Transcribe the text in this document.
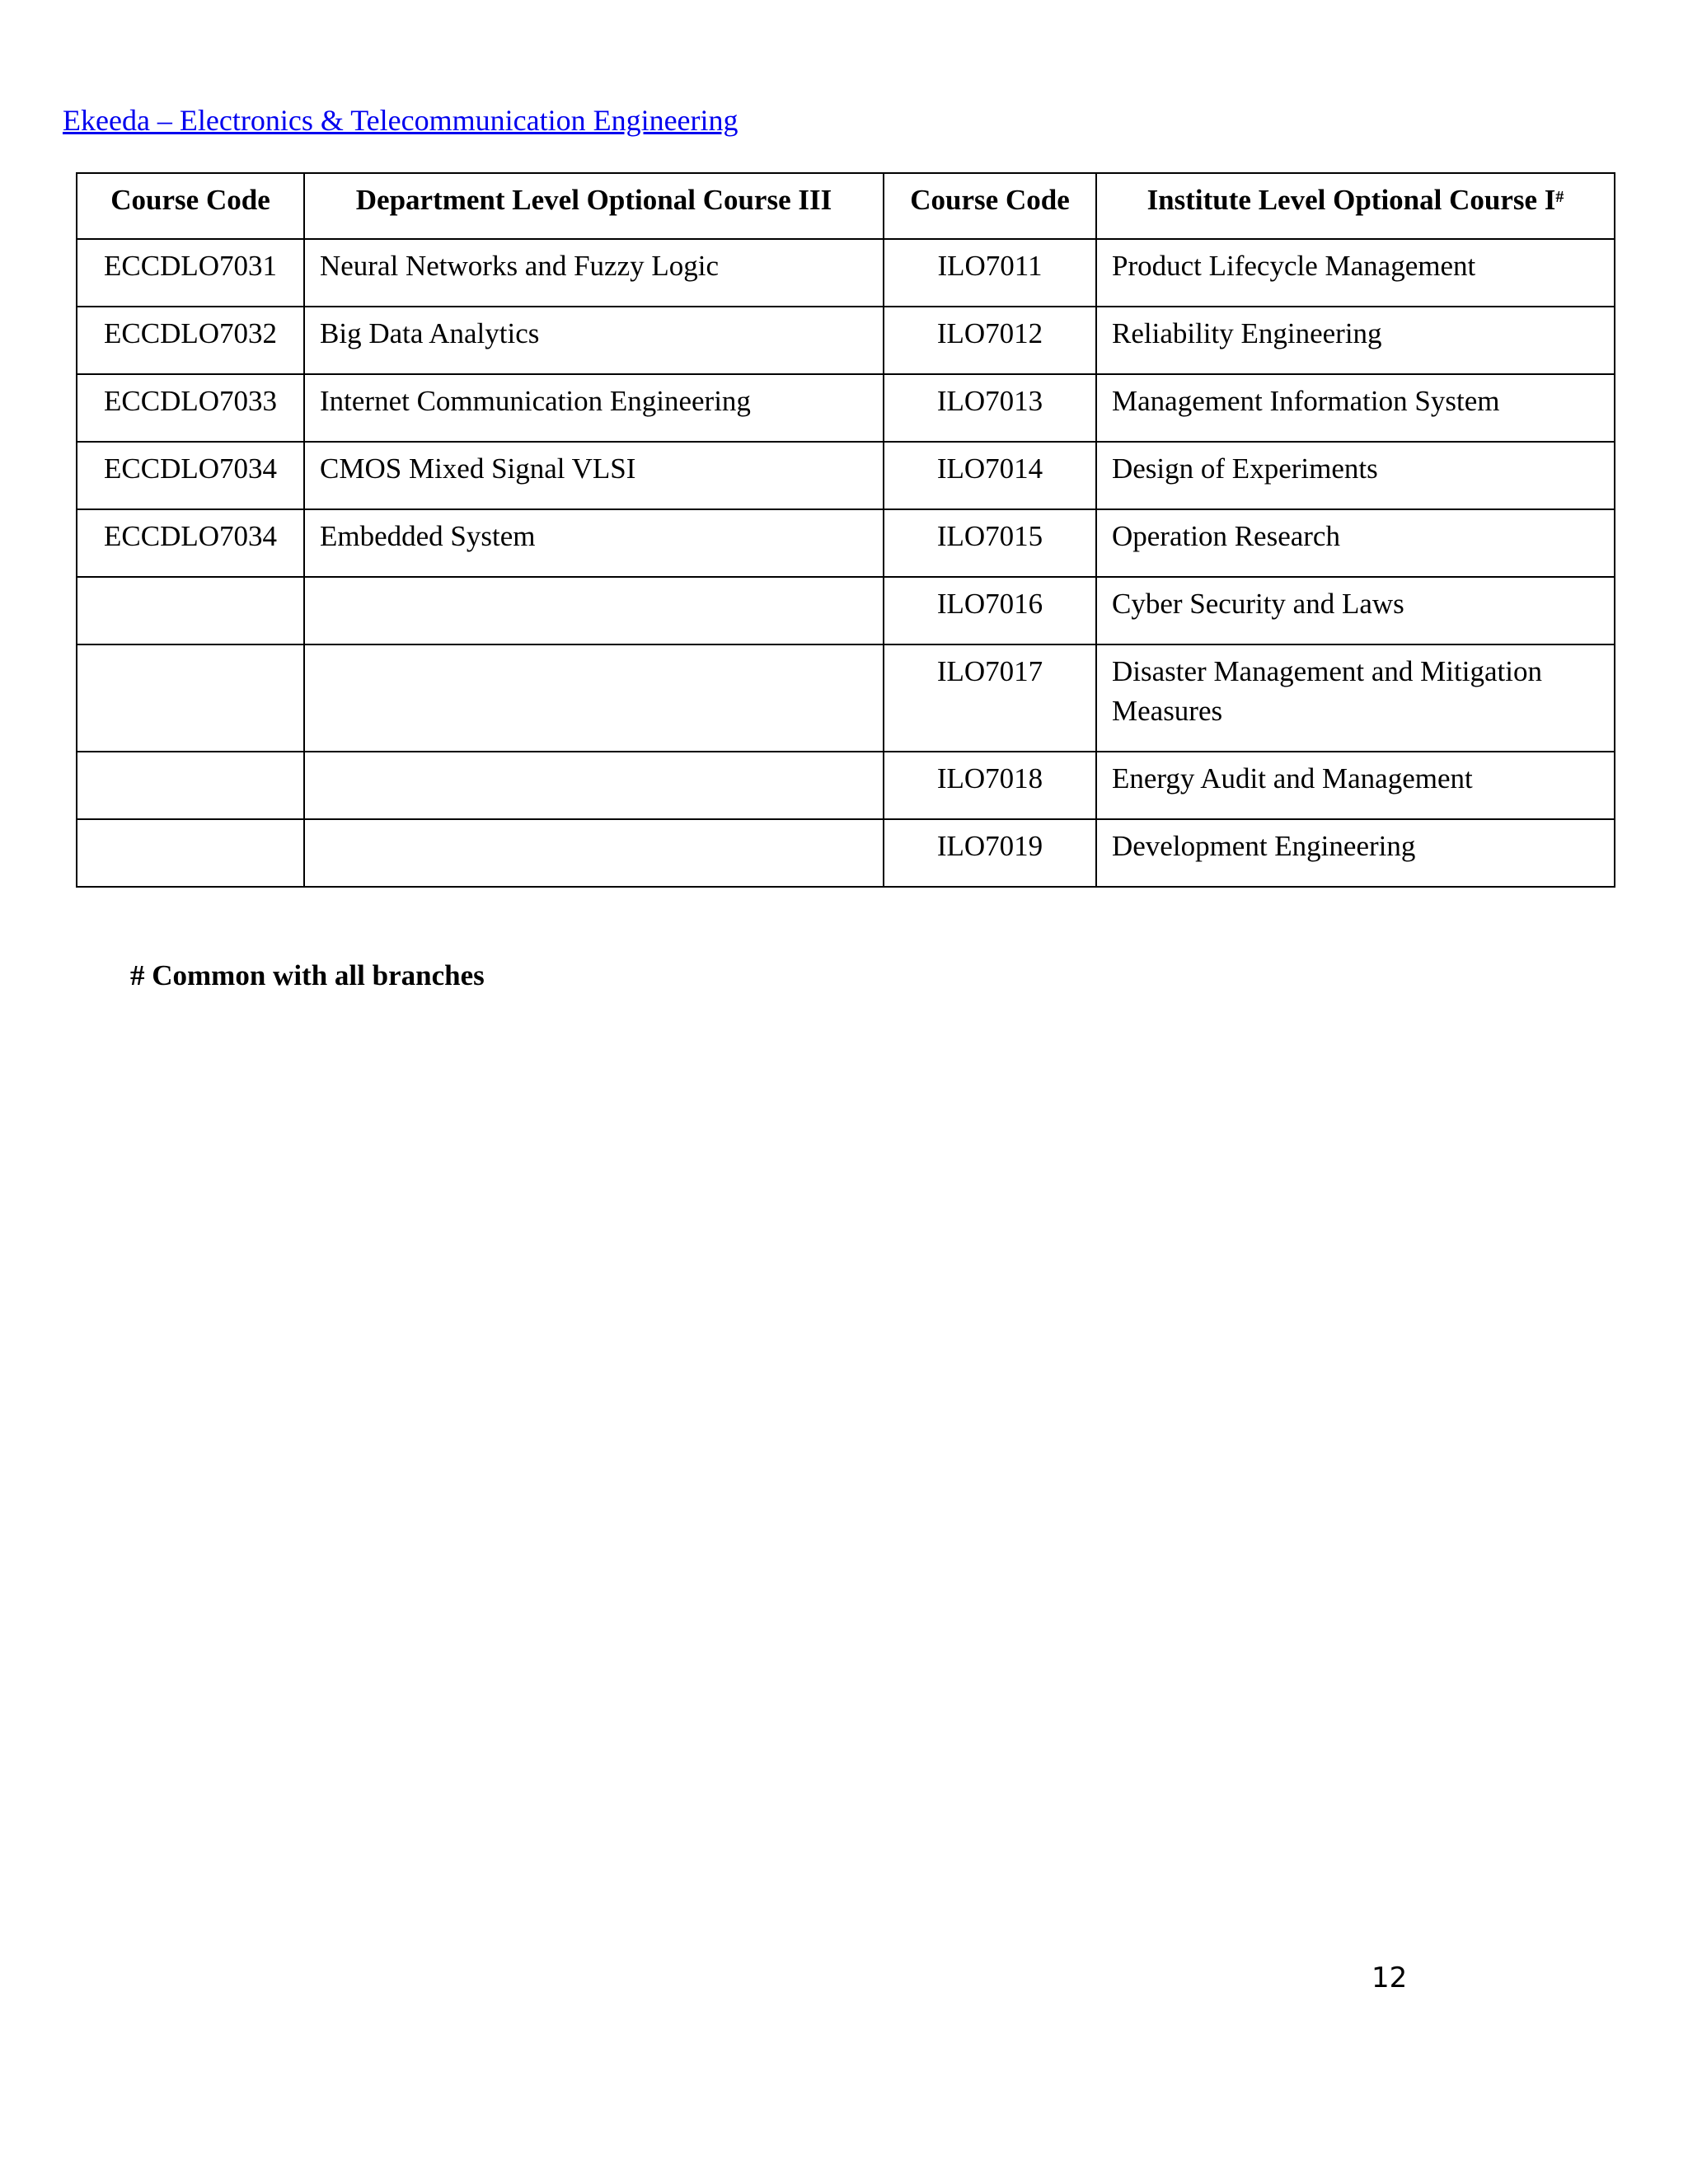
Ekeeda – Electronics & Telecommunication Engineering
Course Code	Department Level Optional Course III	Course Code	Institute Level Optional Course I#
ECCDLO7031	Neural Networks and Fuzzy Logic	ILO7011	Product Lifecycle Management
ECCDLO7032	Big Data Analytics	ILO7012	Reliability Engineering
ECCDLO7033	Internet Communication Engineering	ILO7013	Management Information System
ECCDLO7034	CMOS Mixed Signal VLSI	ILO7014	Design of Experiments
ECCDLO7034	Embedded System	ILO7015	Operation Research
		ILO7016	Cyber Security and Laws
		ILO7017	Disaster Management and Mitigation Measures
		ILO7018	Energy Audit and Management
		ILO7019	Development Engineering
# Common with all branches
12
